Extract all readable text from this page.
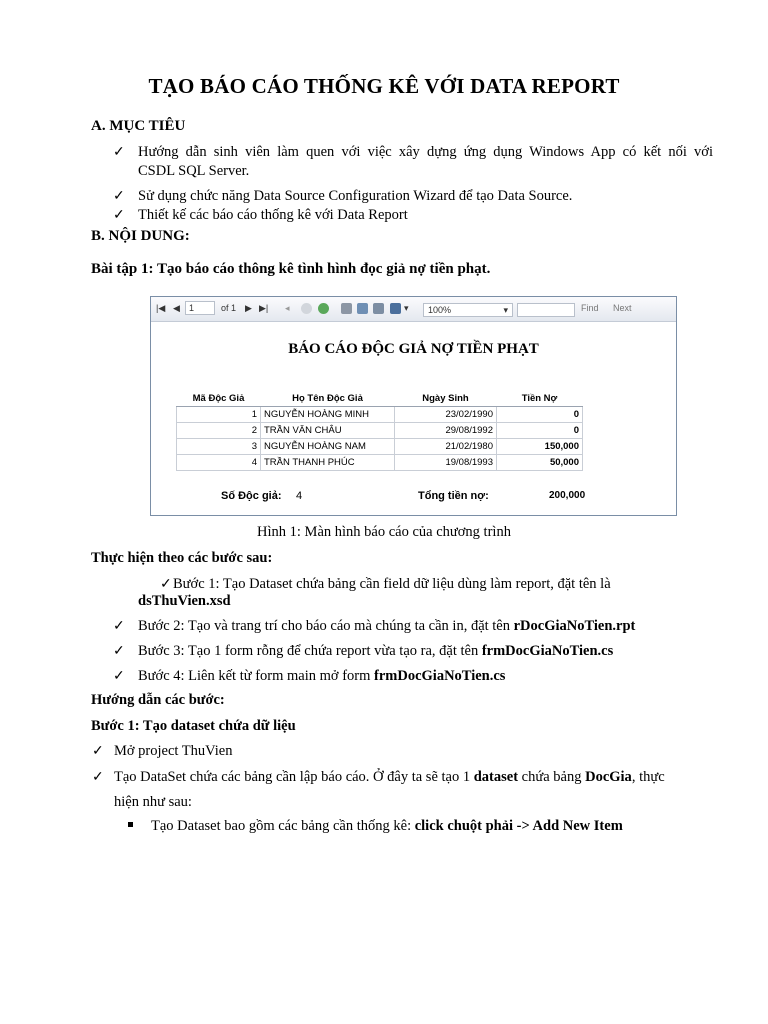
TẠO BÁO CÁO THỐNG KÊ VỚI DATA REPORT
A. MỤC TIÊU
✓ Hướng dẫn sinh viên làm quen với việc xây dựng ứng dụng Windows App có kết nối với
CSDL SQL Server.
✓ Sử dụng chức năng Data Source Configuration Wizard để tạo Data Source.
✓ Thiết kế các báo cáo thống kê với Data Report
B. NỘI DUNG:
Bài tập 1: Tạo báo cáo thông kê tình hình đọc giả nợ tiền phạt.
|◀ ◀	1	of 1 ▶ ▶| ◂	▾	100%	▾	Find Next
BÁO CÁO ĐỘC GIẢ NỢ TIỀN PHẠT
Mã Độc Giả	Họ Tên Độc Giả	Ngày Sinh	Tiền Nợ
1	NGUYỄN HOÀNG MINH	23/02/1990	0
2	TRẦN VĂN CHÂU	29/08/1992	0
3	NGUYỄN HOÀNG NAM	21/02/1980	150,000
4	TRẦN THANH PHÚC	19/08/1993	50,000
Số Độc giả: 4	Tổng tiền nợ:	200,000
Hình 1: Màn hình báo cáo của chương trình
Thực hiện theo các bước sau:
✓ Bước 1: Tạo Dataset chứa bảng cần field dữ liệu dùng làm report, đặt tên là
dsThuVien.xsd
✓ Bước 2: Tạo và trang trí cho báo cáo mà chúng ta cần in, đặt tên rDocGiaNoTien.rpt
✓ Bước 3: Tạo 1 form rỗng để chứa report vừa tạo ra, đặt tên frmDocGiaNoTien.cs
✓ Bước 4: Liên kết từ form main mở form frmDocGiaNoTien.cs
Hướng dẫn các bước:
Bước 1: Tạo dataset chứa dữ liệu
✓ Mở project ThuVien
✓ Tạo DataSet chứa các bảng cần lập báo cáo. Ở đây ta sẽ tạo 1 dataset chứa bảng DocGia, thực
hiện như sau:
Tạo Dataset bao gồm các bảng cần thống kê: click chuột phải -> Add New Item
